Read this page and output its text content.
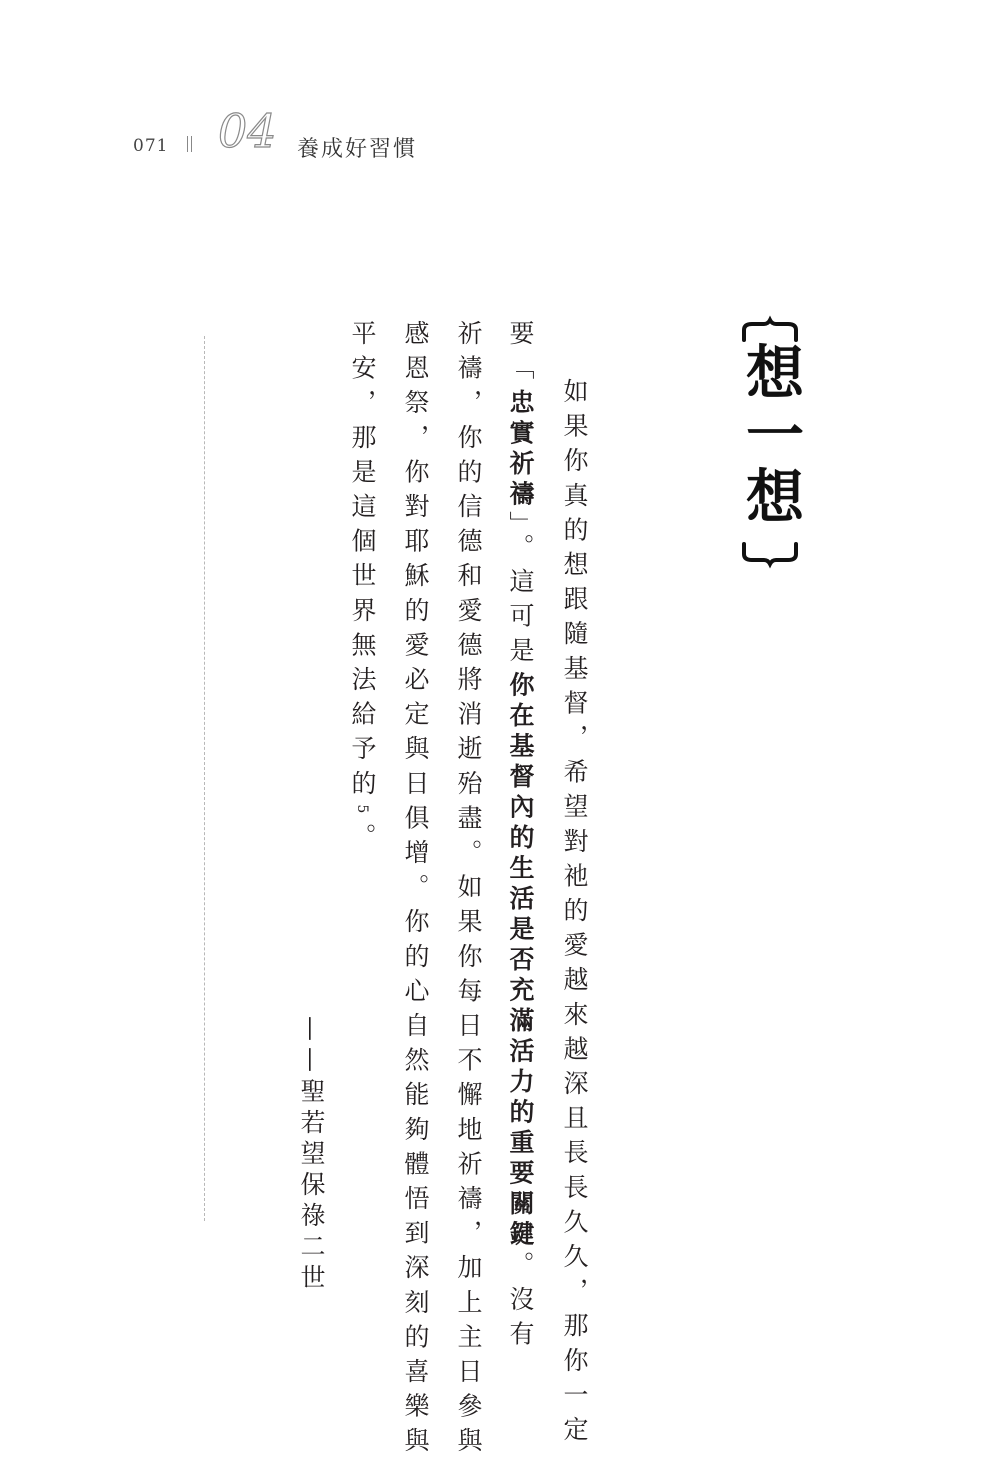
071 04 養成好習慣
想一想
如果你真的想跟隨基督，希望對祂的愛越來越深且長長久久，那你一定
要「忠實祈禱」。這可是你在基督內的生活是否充滿活力的重要關鍵。沒有
祈禱，你的信德和愛德將消逝殆盡。如果你每日不懈地祈禱，加上主日參與
感恩祭，你對耶穌的愛必定與日俱增。你的心自然能夠體悟到深刻的喜樂與
平安，那是這個世界無法給予的5。
——聖若望保祿二世
